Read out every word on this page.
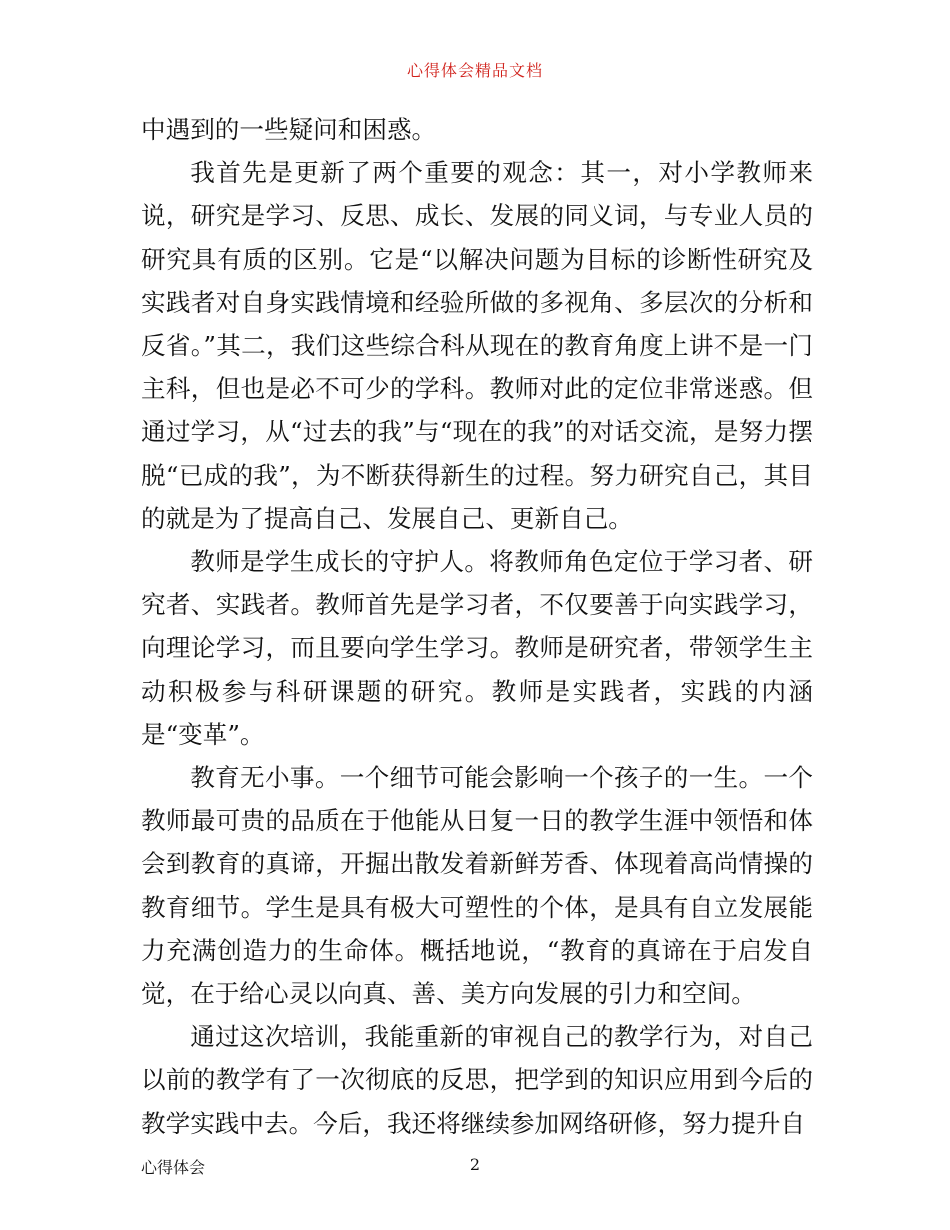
心得体会精品文档

中遇到的一些疑问和困惑。

我首先是更新了两个重要的观念：其一，对小学教师来说，研究是学习、反思、成长、发展的同义词，与专业人员的研究具有质的区别。它是“以解决问题为目标的诊断性研究及实践者对自身实践情境和经验所做的多视角、多层次的分析和反省。”其二，我们这些综合科从现在的教育角度上讲不是一门主科，但也是必不可少的学科。教师对此的定位非常迷惑。但通过学习，从“过去的我”与“现在的我”的对话交流，是努力摆脱“已成的我”，为不断获得新生的过程。努力研究自己，其目的就是为了提高自己、发展自己、更新自己。

教师是学生成长的守护人。将教师角色定位于学习者、研究者、实践者。教师首先是学习者，不仅要善于向实践学习，向理论学习，而且要向学生学习。教师是研究者，带领学生主动积极参与科研课题的研究。教师是实践者，实践的内涵是“变革”。

教育无小事。一个细节可能会影响一个孩子的一生。一个教师最可贵的品质在于他能从日复一日的教学生涯中领悟和体会到教育的真谛，开掘出散发着新鲜芳香、体现着高尚情操的教育细节。学生是具有极大可塑性的个体，是具有自立发展能力充满创造力的生命体。概括地说，“教育的真谛在于启发自觉，在于给心灵以向真、善、美方向发展的引力和空间。

通过这次培训，我能重新的审视自己的教学行为，对自己以前的教学有了一次彻底的反思，把学到的知识应用到今后的教学实践中去。今后，我还将继续参加网络研修，努力提升自

心得体会	2
